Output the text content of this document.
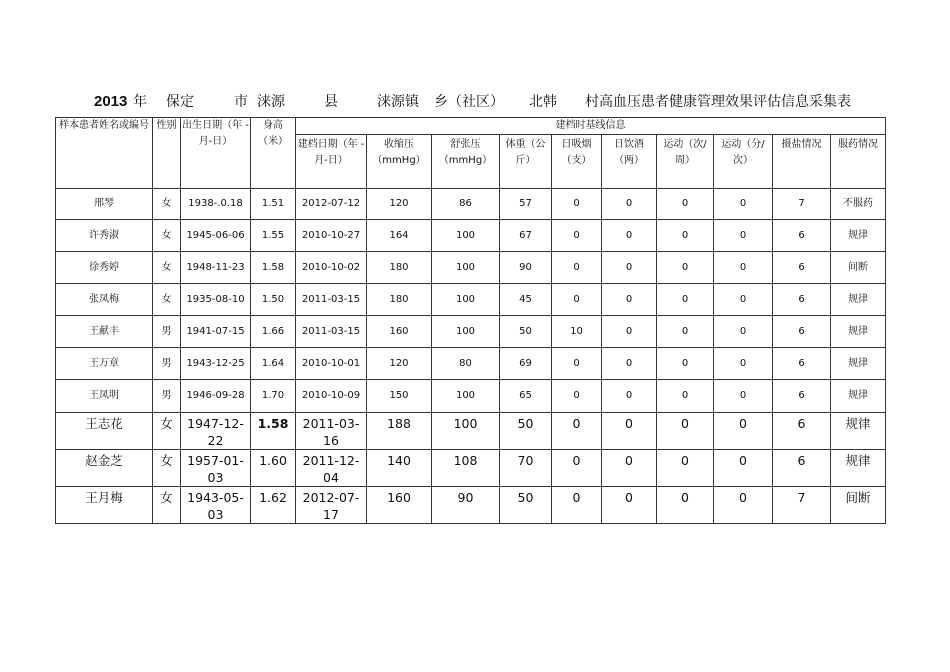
2013 年 保定	市 涞源	县	涞源镇 乡（社区） 北韩 村高血压患者健康管理效果评估信息采集表
样本患者姓名或编号	性别	出生日期（年 -月-日）	身高（米）	建档时基线信息									
				建档日期（年 -月-日）	收缩压（mmHg）	舒张压（mmHg）	体重（公斤）	日吸烟（支）	日饮酒（两）	运动（次/周）	运动（分/次）	摄盐情况	服药情况
邢琴	女	1938-.0.18	1.51	2012-07-12	120	86	57	0	0	0	0	7	不服药
许秀淑	女	1945-06-06	1.55	2010-10-27	164	100	67	0	0	0	0	6	规律
徐秀婷	女	1948-11-23	1.58	2010-10-02	180	100	90	0	0	0	0	6	间断
张凤梅	女	1935-08-10	1.50	2011-03-15	180	100	45	0	0	0	0	6	规律
王献丰	男	1941-07-15	1.66	2011-03-15	160	100	50	10	0	0	0	6	规律
王万章	男	1943-12-25	1.64	2010-10-01	120	80	69	0	0	0	0	6	规律
王凤明	男	1946-09-28	1.70	2010-10-09	150	100	65	0	0	0	0	6	规律
王志花	女	1947-12-22	1.58	2011-03-16	188	100	50	0	0	0	0	6	规律
赵金芝	女	1957-01-03	1.60	2011-12-04	140	108	70	0	0	0	0	6	规律
王月梅	女	1943-05-03	1.62	2012-07-17	160	90	50	0	0	0	0	7	间断
